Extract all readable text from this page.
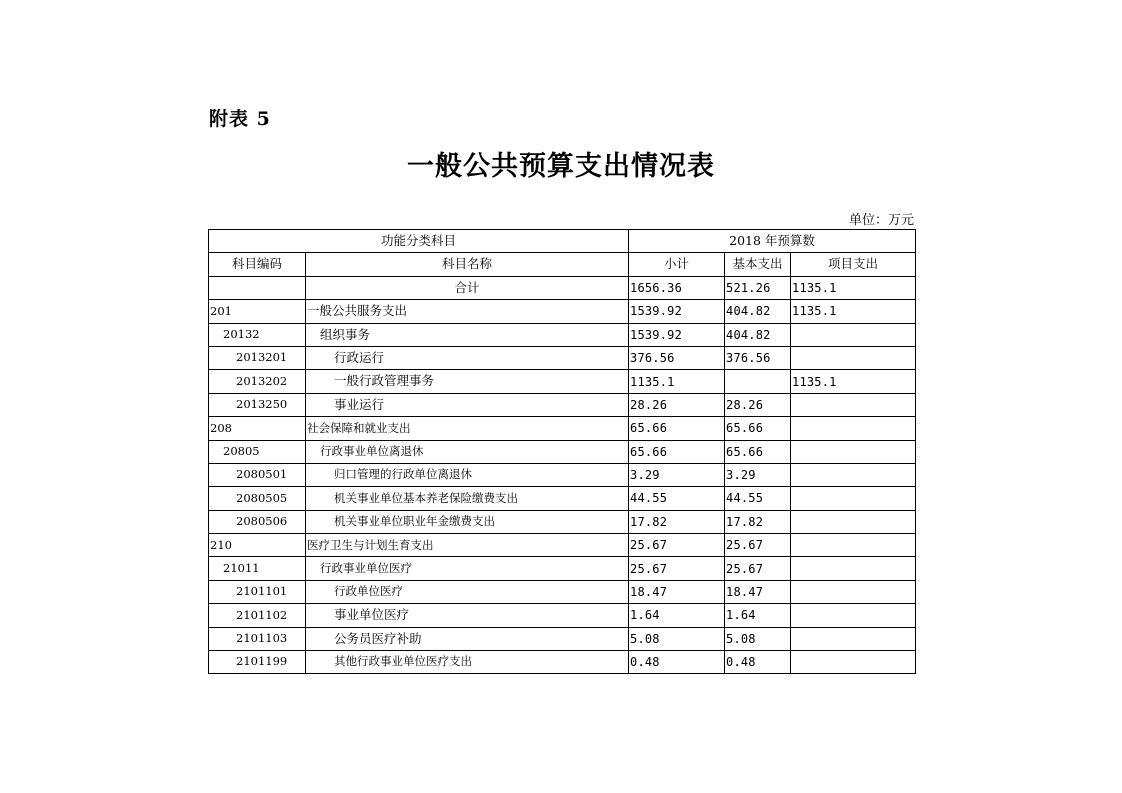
附表 5
一般公共预算支出情况表
单位：万元
功能分类科目		2018 年预算数		
科目编码	科目名称	小计	基本支出	项目支出
	合计	1656.36	521.26	1135.1
201	一般公共服务支出	1539.92	404.82	1135.1
20132	组织事务	1539.92	404.82	
2013201	行政运行	376.56	376.56	
2013202	一般行政管理事务	1135.1		1135.1
2013250	事业运行	28.26	28.26	
208	社会保障和就业支出	65.66	65.66	
20805	行政事业单位离退休	65.66	65.66	
2080501	归口管理的行政单位离退休	3.29	3.29	
2080505	机关事业单位基本养老保险缴费支出	44.55	44.55	
2080506	机关事业单位职业年金缴费支出	17.82	17.82	
210	医疗卫生与计划生育支出	25.67	25.67	
21011	行政事业单位医疗	25.67	25.67	
2101101	行政单位医疗	18.47	18.47	
2101102	事业单位医疗	1.64	1.64	
2101103	公务员医疗补助	5.08	5.08	
2101199	其他行政事业单位医疗支出	0.48	0.48	
